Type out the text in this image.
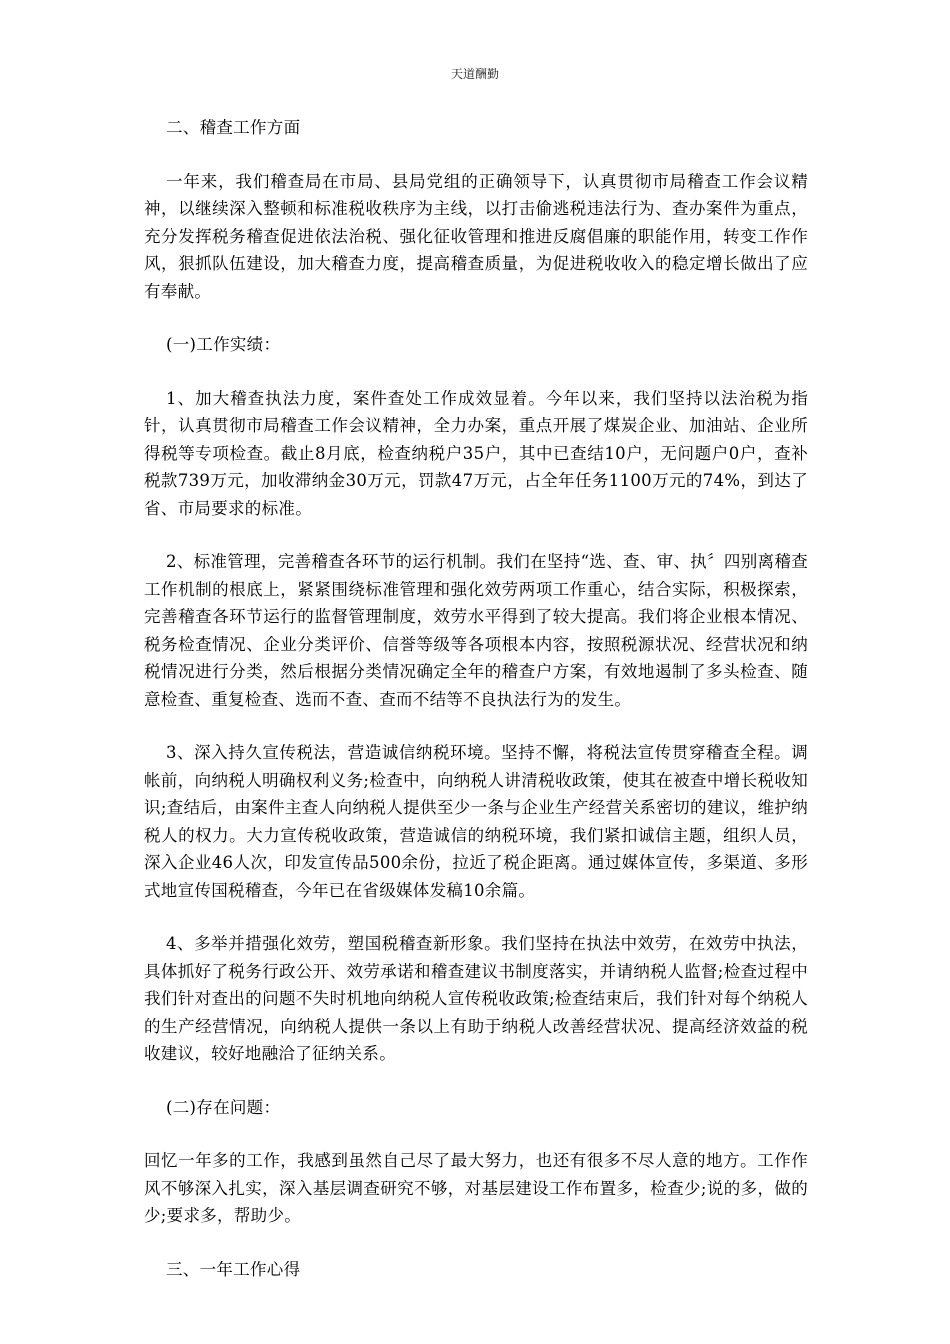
天道酬勤

二、稽查工作方面

一年来，我们稽查局在市局、县局党组的正确领导下，认真贯彻市局稽查工作会议精神，以继续深入整顿和标准税收秩序为主线，以打击偷逃税违法行为、查办案件为重点，充分发挥税务稽查促进依法治税、强化征收管理和推进反腐倡廉的职能作用，转变工作作风，狠抓队伍建设，加大稽查力度，提高稽查质量，为促进税收收入的稳定增长做出了应有奉献。

(一)工作实绩：

1、加大稽查执法力度，案件查处工作成效显着。今年以来，我们坚持以法治税为指针，认真贯彻市局稽查工作会议精神，全力办案，重点开展了煤炭企业、加油站、企业所得税等专项检查。截止8月底，检查纳税户35户，其中已查结10户，无问题户0户，查补税款739万元，加收滞纳金30万元，罚款47万元，占全年任务1100万元的74%，到达了省、市局要求的标准。

2、标准管理，完善稽查各环节的运行机制。我们在坚持“选、查、审、执〞四别离稽查工作机制的根底上，紧紧围绕标准管理和强化效劳两项工作重心，结合实际，积极探索，完善稽查各环节运行的监督管理制度，效劳水平得到了较大提高。我们将企业根本情况、税务检查情况、企业分类评价、信誉等级等各项根本内容，按照税源状况、经营状况和纳税情况进行分类，然后根据分类情况确定全年的稽查户方案，有效地遏制了多头检查、随意检查、重复检查、选而不查、查而不结等不良执法行为的发生。

3、深入持久宣传税法，营造诚信纳税环境。坚持不懈，将税法宣传贯穿稽查全程。调帐前，向纳税人明确权利义务;检查中，向纳税人讲清税收政策，使其在被查中增长税收知识;查结后，由案件主查人向纳税人提供至少一条与企业生产经营关系密切的建议，维护纳税人的权力。大力宣传税收政策，营造诚信的纳税环境，我们紧扣诚信主题，组织人员，深入企业46人次，印发宣传品500余份，拉近了税企距离。通过媒体宣传，多渠道、多形式地宣传国税稽查，今年已在省级媒体发稿10余篇。

4、多举并措强化效劳，塑国税稽查新形象。我们坚持在执法中效劳，在效劳中执法，具体抓好了税务行政公开、效劳承诺和稽查建议书制度落实，并请纳税人监督;检查过程中我们针对查出的问题不失时机地向纳税人宣传税收政策;检查结束后，我们针对每个纳税人的生产经营情况，向纳税人提供一条以上有助于纳税人改善经营状况、提高经济效益的税收建议，较好地融洽了征纳关系。

(二)存在问题：

回忆一年多的工作，我感到虽然自己尽了最大努力，也还有很多不尽人意的地方。工作作风不够深入扎实，深入基层调查研究不够，对基层建设工作布置多，检查少;说的多，做的少;要求多，帮助少。

三、一年工作心得
